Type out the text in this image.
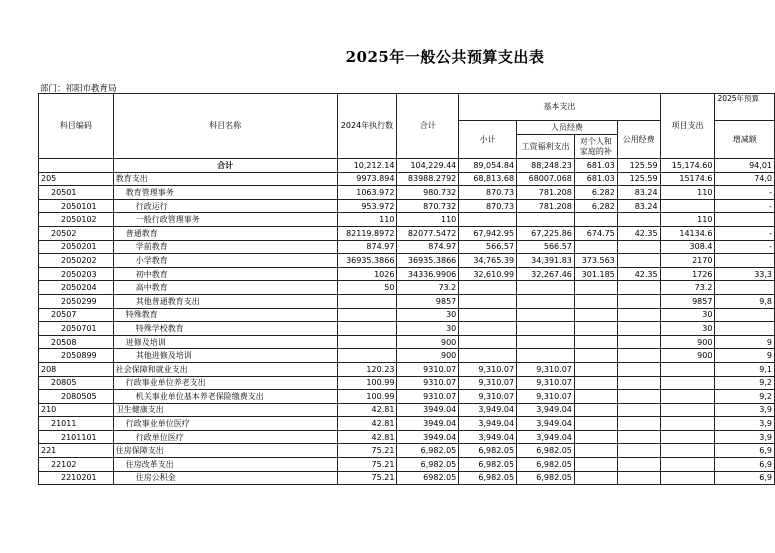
2025年一般公共预算支出表
部门：祁阳市教育局
科目编码	科目名称	2024年执行数	合计	基本支出				项目支出	2025年预算
				小计	人员经费		公用经费		增减额
					工资福利支出	对个人和家庭的补			
	合计	10,212.14	104,229.44	89,054.84	88,248.23	681.03	125.59	15,174.60	94,01
205	教育支出	9973.894	83988.2792	68,813.68	68007.068	681.03	125.59	15174.6	74,0
20501	教育管理事务	1063.972	980.732	870.73	781.208	6.282	83.24	110	-
2050101	行政运行	953.972	870.732	870.73	781.208	6.282	83.24		-
2050102	一般行政管理事务	110	110					110	
20502	普通教育	82119.8972	82077.5472	67,942.95	67,225.86	674.75	42.35	14134.6	-
2050201	学前教育	874.97	874.97	566.57	566.57			308.4	-
2050202	小学教育	36935.3866	36935.3866	34,765.39	34,391.83	373.563		2170	
2050203	初中教育	1026	34336.9906	32,610.99	32,267.46	301.185	42.35	1726	33,3
2050204	高中教育	50	73.2					73.2	
2050299	其他普通教育支出		9857					9857	9,8
20507	特殊教育		30					30	
2050701	特殊学校教育		30					30	
20508	进修及培训		900					900	9
2050899	其他进修及培训		900					900	9
208	社会保障和就业支出	120.23	9310.07	9,310.07	9,310.07				9,1
20805	行政事业单位养老支出	100.99	9310.07	9,310.07	9,310.07				9,2
2080505	机关事业单位基本养老保险缴费支出	100.99	9310.07	9,310.07	9,310.07				9,2
210	卫生健康支出	42.81	3949.04	3,949.04	3,949.04				3,9
21011	行政事业单位医疗	42.81	3949.04	3,949.04	3,949.04				3,9
2101101	行政单位医疗	42.81	3949.04	3,949.04	3,949.04				3,9
221	住房保障支出	75.21	6,982.05	6,982.05	6,982.05				6,9
22102	住房改革支出	75.21	6,982.05	6,982.05	6,982.05				6,9
2210201	住房公积金	75.21	6982.05	6,982.05	6,982.05				6,9
